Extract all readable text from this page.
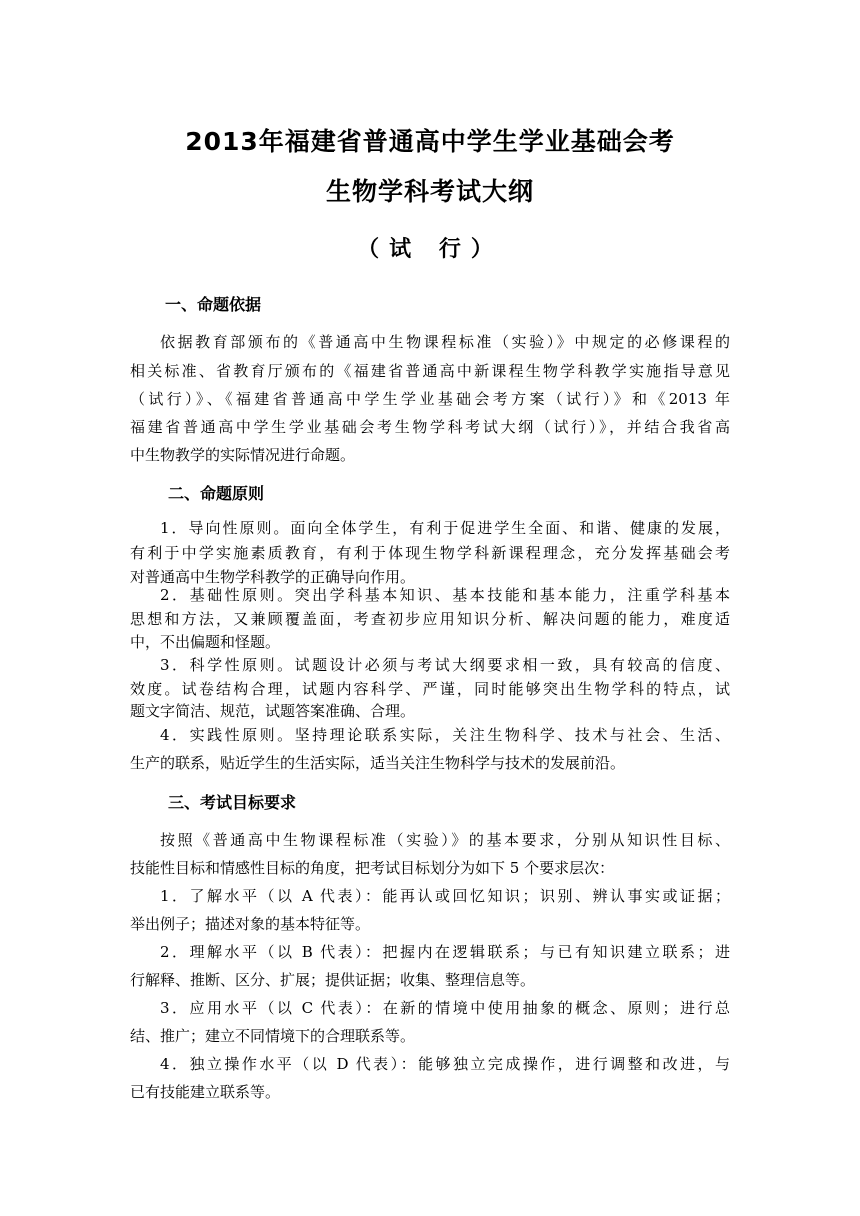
2013年福建省普通高中学生学业基础会考
生物学科考试大纲
（试 行）
一、命题依据
依据教育部颁布的《普通高中生物课程标准（实验）》中规定的必修课程的
相关标准、省教育厅颁布的《福建省普通高中新课程生物学科教学实施指导意见
（试行）》、《福建省普通高中学生学业基础会考方案（试行）》和《2013 年
福建省普通高中学生学业基础会考生物学科考试大纲（试行）》，并结合我省高
中生物教学的实际情况进行命题。
二、命题原则
1．导向性原则。面向全体学生，有利于促进学生全面、和谐、健康的发展，
有利于中学实施素质教育，有利于体现生物学科新课程理念，充分发挥基础会考
对普通高中生物学科教学的正确导向作用。
2．基础性原则。突出学科基本知识、基本技能和基本能力，注重学科基本
思想和方法，又兼顾覆盖面，考查初步应用知识分析、解决问题的能力，难度适
中，不出偏题和怪题。
3．科学性原则。试题设计必须与考试大纲要求相一致，具有较高的信度、
效度。试卷结构合理，试题内容科学、严谨，同时能够突出生物学科的特点，试
题文字简洁、规范，试题答案准确、合理。
4．实践性原则。坚持理论联系实际，关注生物科学、技术与社会、生活、
生产的联系，贴近学生的生活实际，适当关注生物科学与技术的发展前沿。
三、考试目标要求
按照《普通高中生物课程标准（实验）》的基本要求，分别从知识性目标、
技能性目标和情感性目标的角度，把考试目标划分为如下 5 个要求层次：
1．了解水平（以 A 代表）：能再认或回忆知识；识别、辨认事实或证据；
举出例子；描述对象的基本特征等。
2．理解水平（以 B 代表）：把握内在逻辑联系；与已有知识建立联系；进
行解释、推断、区分、扩展；提供证据；收集、整理信息等。
3．应用水平（以 C 代表）：在新的情境中使用抽象的概念、原则；进行总
结、推广；建立不同情境下的合理联系等。
4．独立操作水平（以 D 代表）：能够独立完成操作，进行调整和改进，与
已有技能建立联系等。
